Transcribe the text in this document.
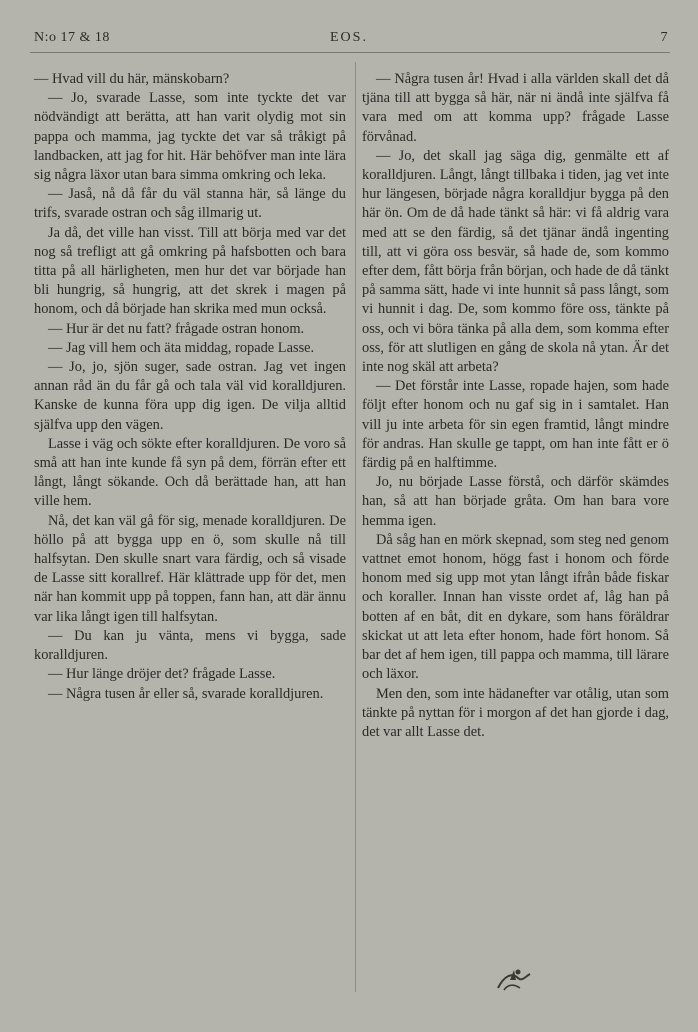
N:o 17 & 18	EOS.	7

— Hvad vill du här, mänskobarn?

— Jo, svarade Lasse, som inte tyckte det var nödvändigt att berätta, att han varit olydig mot sin pappa och mamma, jag tyckte det var så tråkigt på landbacken, att jag for hit. Här behöfver man inte lära sig några läxor utan bara simma omkring och leka.

— Jaså, nå då får du väl stanna här, så länge du trifs, svarade ostran och såg illmarig ut.

Ja då, det ville han visst. Till att börja med var det nog så trefligt att gå omkring på hafsbotten och bara titta på all härligheten, men hur det var började han bli hungrig, så hungrig, att det skrek i magen på honom, och då började han skrika med mun också.

— Hur är det nu fatt? frågade ostran honom.

— Jag vill hem och äta middag, ropade Lasse.

— Jo, jo, sjön suger, sade ostran. Jag vet ingen annan råd än du får gå och tala väl vid koralldjuren. Kanske de kunna föra upp dig igen. De vilja alltid själfva upp den vägen.

Lasse i väg och sökte efter koralldjuren. De voro så små att han inte kunde få syn på dem, förrän efter ett långt, långt sökande. Och då berättade han, att han ville hem.

Nå, det kan väl gå för sig, menade koralldjuren. De höllo på att bygga upp en ö, som skulle nå till halfsytan. Den skulle snart vara färdig, och så visade de Lasse sitt korallref. Här klättrade upp för det, men när han kommit upp på toppen, fann han, att där ännu var lika långt igen till halfsytan.

— Du kan ju vänta, mens vi bygga, sade koralldjuren.

— Hur länge dröjer det? frågade Lasse.

— Några tusen år eller så, svarade koralldjuren.

— Några tusen år! Hvad i alla världen skall det då tjäna till att bygga så här, när ni ändå inte själfva få vara med om att komma upp? frågade Lasse förvånad.

— Jo, det skall jag säga dig, genmälte ett af koralldjuren. Långt, långt tillbaka i tiden, jag vet inte hur längesen, började några koralldjur bygga på den här ön. Om de då hade tänkt så här: vi få aldrig vara med att se den färdig, så det tjänar ändå ingenting till, att vi göra oss besvär, så hade de, som kommo efter dem, fått börja från början, och hade de då tänkt på samma sätt, hade vi inte hunnit så pass långt, som vi hunnit i dag. De, som kommo före oss, tänkte på oss, och vi böra tänka på alla dem, som komma efter oss, för att slutligen en gång de skola nå ytan. Är det inte nog skäl att arbeta?

— Det förstår inte Lasse, ropade hajen, som hade följt efter honom och nu gaf sig in i samtalet. Han vill ju inte arbeta för sin egen framtid, långt mindre för andras. Han skulle ge tappt, om han inte fått er ö färdig på en halftimme.

Jo, nu började Lasse förstå, och därför skämdes han, så att han började gråta. Om han bara vore hemma igen.

Då såg han en mörk skepnad, som steg ned genom vattnet emot honom, högg fast i honom och förde honom med sig upp mot ytan långt ifrån både fiskar och koraller. Innan han visste ordet af, låg han på botten af en båt, dit en dykare, som hans föräldrar skickat ut att leta efter honom, hade fört honom. Så bar det af hem igen, till pappa och mamma, till lärare och läxor.

Men den, som inte hädanefter var otålig, utan som tänkte på nyttan för i morgon af det han gjorde i dag, det var allt Lasse det.
